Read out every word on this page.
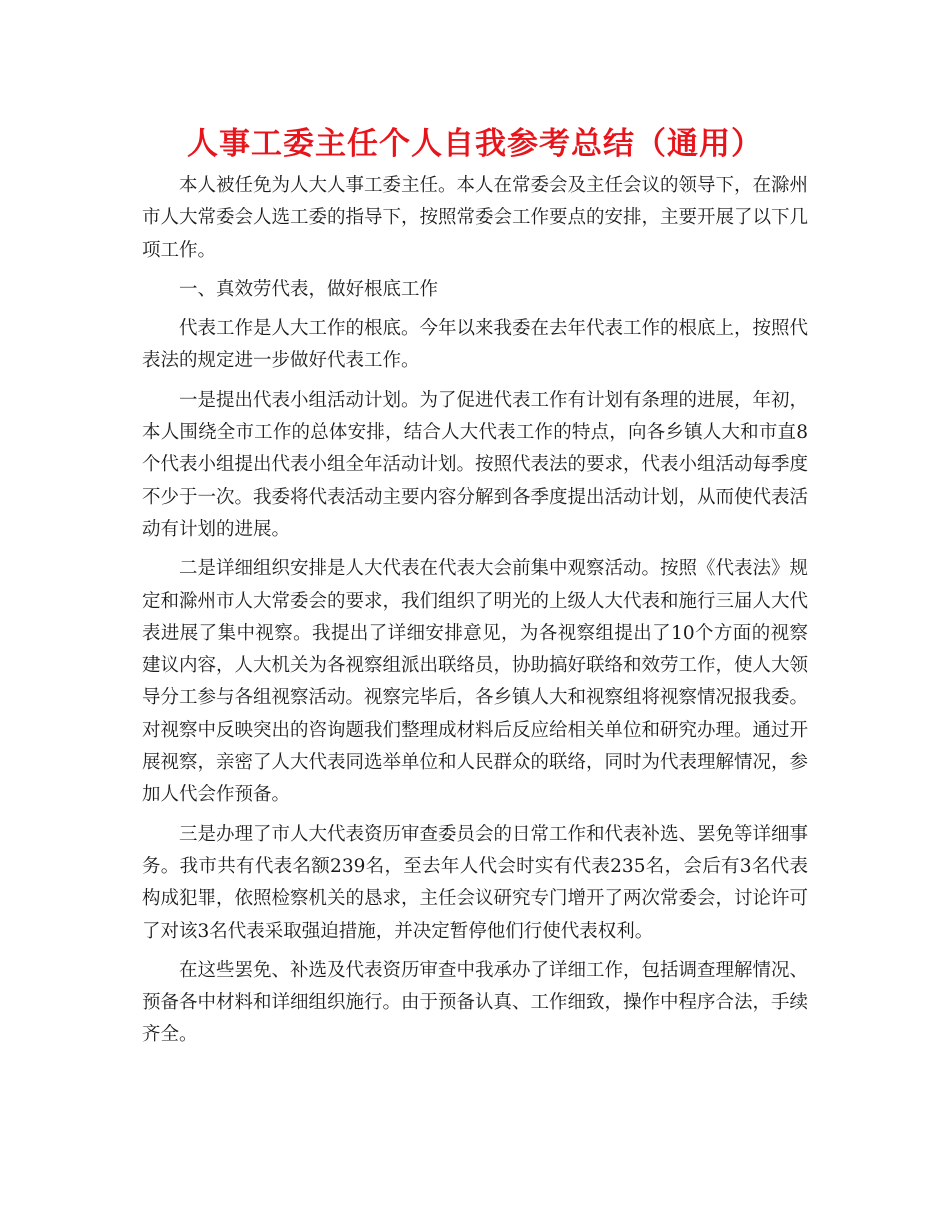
人事工委主任个人自我参考总结（通用）

本人被任免为人大人事工委主任。本人在常委会及主任会议的领导下，在滁州市人大常委会人选工委的指导下，按照常委会工作要点的安排，主要开展了以下几项工作。

一、真效劳代表，做好根底工作

代表工作是人大工作的根底。今年以来我委在去年代表工作的根底上，按照代表法的规定进一步做好代表工作。

一是提出代表小组活动计划。为了促进代表工作有计划有条理的进展，年初，本人围绕全市工作的总体安排，结合人大代表工作的特点，向各乡镇人大和市直8个代表小组提出代表小组全年活动计划。按照代表法的要求，代表小组活动每季度不少于一次。我委将代表活动主要内容分解到各季度提出活动计划，从而使代表活动有计划的进展。

二是详细组织安排是人大代表在代表大会前集中观察活动。按照《代表法》规定和滁州市人大常委会的要求，我们组织了明光的上级人大代表和施行三届人大代表进展了集中视察。我提出了详细安排意见，为各视察组提出了10个方面的视察建议内容，人大机关为各视察组派出联络员，协助搞好联络和效劳工作，使人大领导分工参与各组视察活动。视察完毕后，各乡镇人大和视察组将视察情况报我委。对视察中反映突出的咨询题我们整理成材料后反应给相关单位和研究办理。通过开展视察，亲密了人大代表同选举单位和人民群众的联络，同时为代表理解情况，参加人代会作预备。

三是办理了市人大代表资历审查委员会的日常工作和代表补选、罢免等详细事务。我市共有代表名额239名，至去年人代会时实有代表235名，会后有3名代表构成犯罪，依照检察机关的恳求，主任会议研究专门增开了两次常委会，讨论许可了对该3名代表采取强迫措施，并决定暂停他们行使代表权利。

在这些罢免、补选及代表资历审查中我承办了详细工作，包括调查理解情况、预备各中材料和详细组织施行。由于预备认真、工作细致，操作中程序合法，手续齐全。
